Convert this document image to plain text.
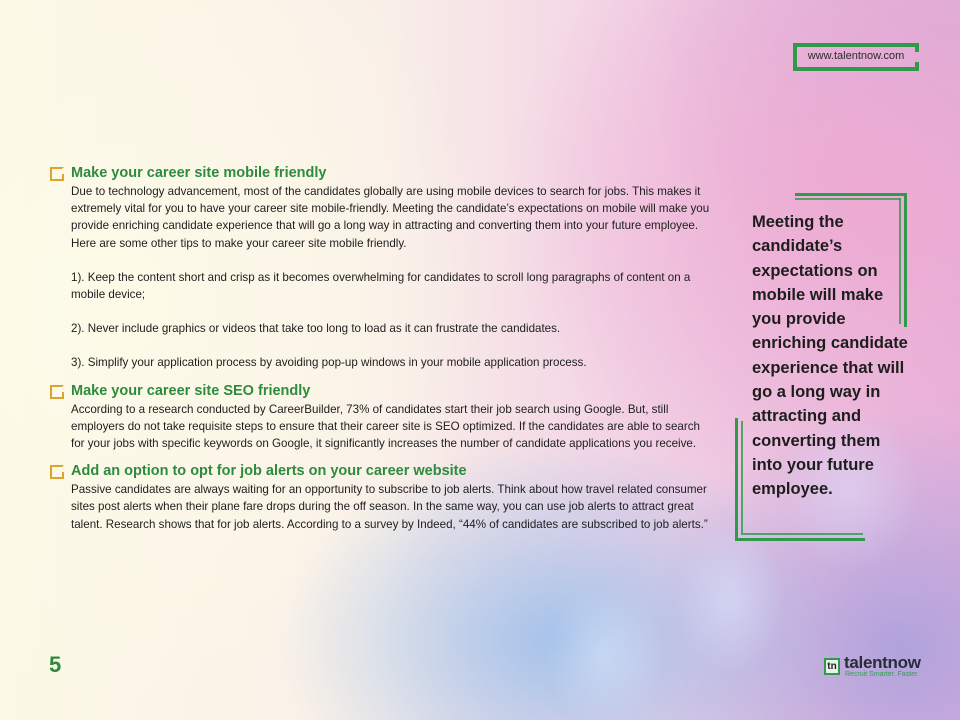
www.talentnow.com
Make your career site mobile friendly
Due to technology advancement, most of the candidates globally are using mobile devices to search for jobs. This makes it extremely vital for you to have your career site mobile-friendly. Meeting the candidate’s expectations on mobile will make you provide enriching candidate experience that will go a long way in attracting and converting them into your future employee. Here are some other tips to make your career site mobile friendly.
1). Keep the content short and crisp as it becomes overwhelming for candidates to scroll long paragraphs of content on a mobile device;
2). Never include graphics or videos that take too long to load as it can frustrate the candidates.
3). Simplify your application process by avoiding pop-up windows in your mobile application process.
Make your career site SEO friendly
According to a research conducted by CareerBuilder, 73% of candidates start their job search using Google. But, still employers do not take requisite steps to ensure that their career site is SEO optimized. If the candidates are able to search for your jobs with specific keywords on Google, it significantly increases the number of candidate applications you receive.
Add an option to opt for job alerts on your career website
Passive candidates are always waiting for an opportunity to subscribe to job alerts. Think about how travel related consumer sites post alerts when their plane fare drops during the off season. In the same way, you can use job alerts to attract great talent. Research shows that for job alerts. According to a survey by Indeed, “44% of candidates are subscribed to job alerts.”
Meeting the candidate’s expectations on mobile will make you provide enriching candidate experience that will go a long way in attracting and converting them into your future employee.
5	tn talentnow
Recruit Smarter. Faster.
